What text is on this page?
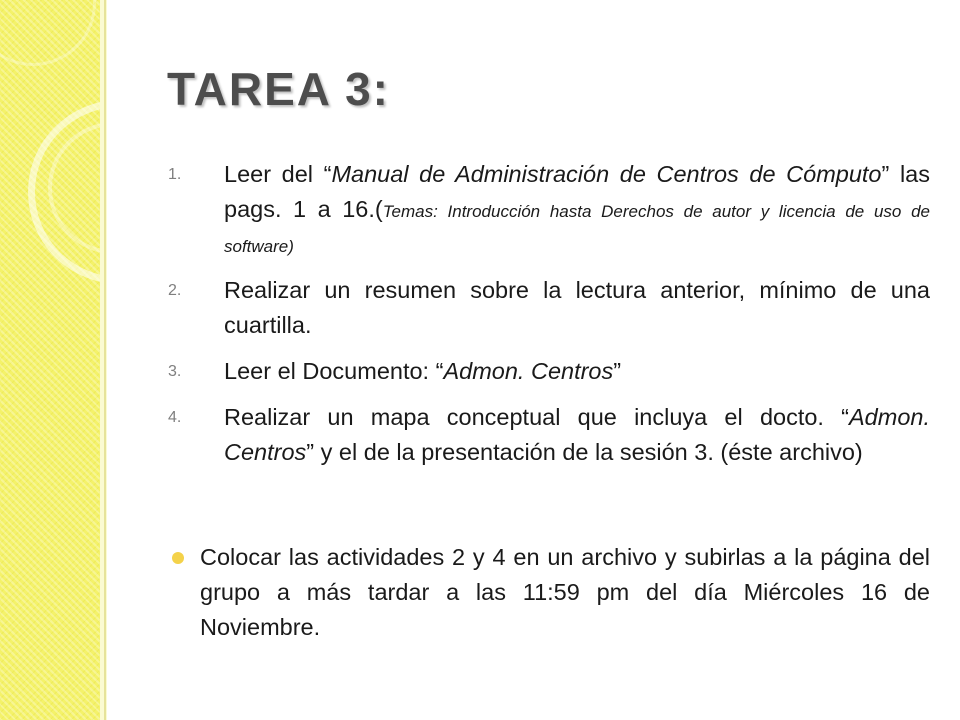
TAREA 3:
1. Leer del “Manual de Administración de Centros de Cómputo” las pags. 1 a 16.(Temas: Introducción hasta Derechos de autor y licencia de uso de software)
2. Realizar un resumen sobre la lectura anterior, mínimo de una cuartilla.
3. Leer el Documento: “Admon. Centros”
4. Realizar un mapa conceptual que incluya el docto. “Admon. Centros” y el de la presentación de la sesión 3. (éste archivo)
Colocar las actividades 2 y 4 en un archivo y subirlas a la página del grupo a más tardar a las 11:59 pm del día Miércoles 16 de Noviembre.
